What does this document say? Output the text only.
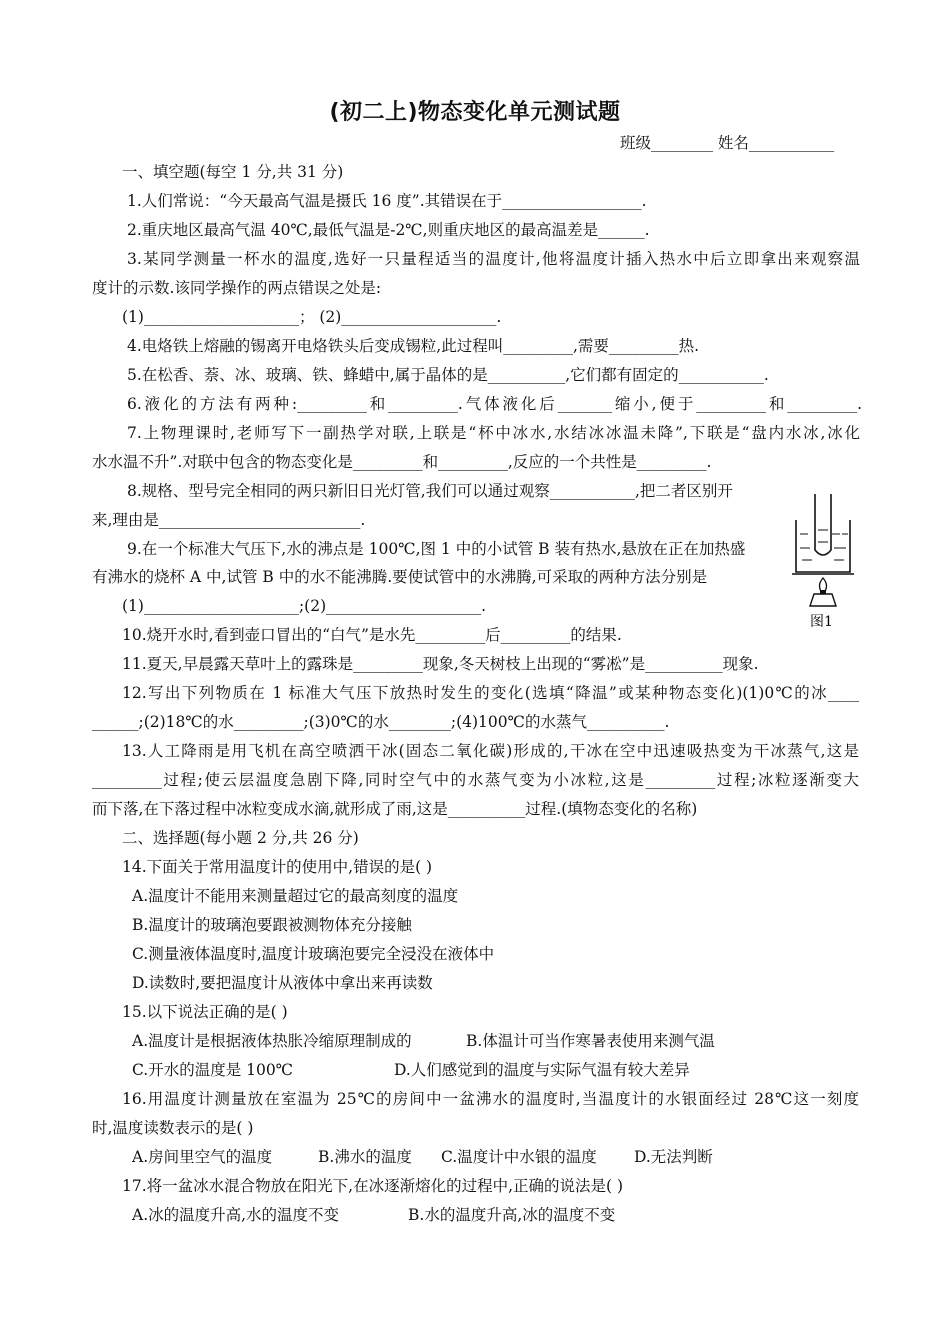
(初二上)物态变化单元测试题
班级________ 姓名___________
一、填空题(每空 1 分,共 31 分)
1.人们常说：“今天最高气温是摄氏 16 度”.其错误在于__________________.
2.重庆地区最高气温 40℃,最低气温是-2℃,则重庆地区的最高温差是______.
3.某同学测量一杯水的温度,选好一只量程适当的温度计,他将温度计插入热水中后立即拿出来观察温
度计的示数.该同学操作的两点错误之处是:
(1)____________________； (2)____________________.
4.电烙铁上熔融的锡离开电烙铁头后变成锡粒,此过程叫_________,需要_________热.
5.在松香、萘、冰、玻璃、铁、蜂蜡中,属于晶体的是__________,它们都有固定的___________.
6.液化的方法有两种:_________和_________.气体液化后_______缩小,便于_________和_________.
7.上物理课时,老师写下一副热学对联,上联是“杯中冰水,水结冰冰温未降”,下联是“盘内水冰,冰化
水水温不升”.对联中包含的物态变化是_________和_________,反应的一个共性是_________.
8.规格、型号完全相同的两只新旧日光灯管,我们可以通过观察___________,把二者区别开
来,理由是__________________________.
9.在一个标准大气压下,水的沸点是 100℃,图 1 中的小试管 B 装有热水,悬放在正在加热盛
有沸水的烧杯 A 中,试管 B 中的水不能沸腾.要使试管中的水沸腾,可采取的两种方法分别是
(1)____________________;(2)____________________.
图1
10.烧开水时,看到壶口冒出的“白气”是水先_________后_________的结果.
11.夏天,早晨露天草叶上的露珠是_________现象,冬天树枝上出现的“雾凇”是__________现象.
12.写出下列物质在 1 标准大气压下放热时发生的变化(选填“降温”或某种物态变化)(1)0℃的冰____
______;(2)18℃的水_________;(3)0℃的水________;(4)100℃的水蒸气__________.
13.人工降雨是用飞机在高空喷洒干冰(固态二氧化碳)形成的,干冰在空中迅速吸热变为干冰蒸气,这是
_________过程;使云层温度急剧下降,同时空气中的水蒸气变为小冰粒,这是_________过程;冰粒逐渐变大
而下落,在下落过程中冰粒变成水滴,就形成了雨,这是__________过程.(填物态变化的名称)
二、选择题(每小题 2 分,共 26 分)
14.下面关于常用温度计的使用中,错误的是( )
A.温度计不能用来测量超过它的最高刻度的温度
B.温度计的玻璃泡要跟被测物体充分接触
C.测量液体温度时,温度计玻璃泡要完全浸没在液体中
D.读数时,要把温度计从液体中拿出来再读数
15.以下说法正确的是( )
A.温度计是根据液体热胀冷缩原理制成的	B.体温计可当作寒暑表使用来测气温
C.开水的温度是 100℃	D.人们感觉到的温度与实际气温有较大差异
16.用温度计测量放在室温为 25℃的房间中一盆沸水的温度时,当温度计的水银面经过 28℃这一刻度
时,温度读数表示的是( )
A.房间里空气的温度	B.沸水的温度 C.温度计中水银的温度 D.无法判断
17.将一盆冰水混合物放在阳光下,在冰逐渐熔化的过程中,正确的说法是( )
A.冰的温度升高,水的温度不变	B.水的温度升高,冰的温度不变
